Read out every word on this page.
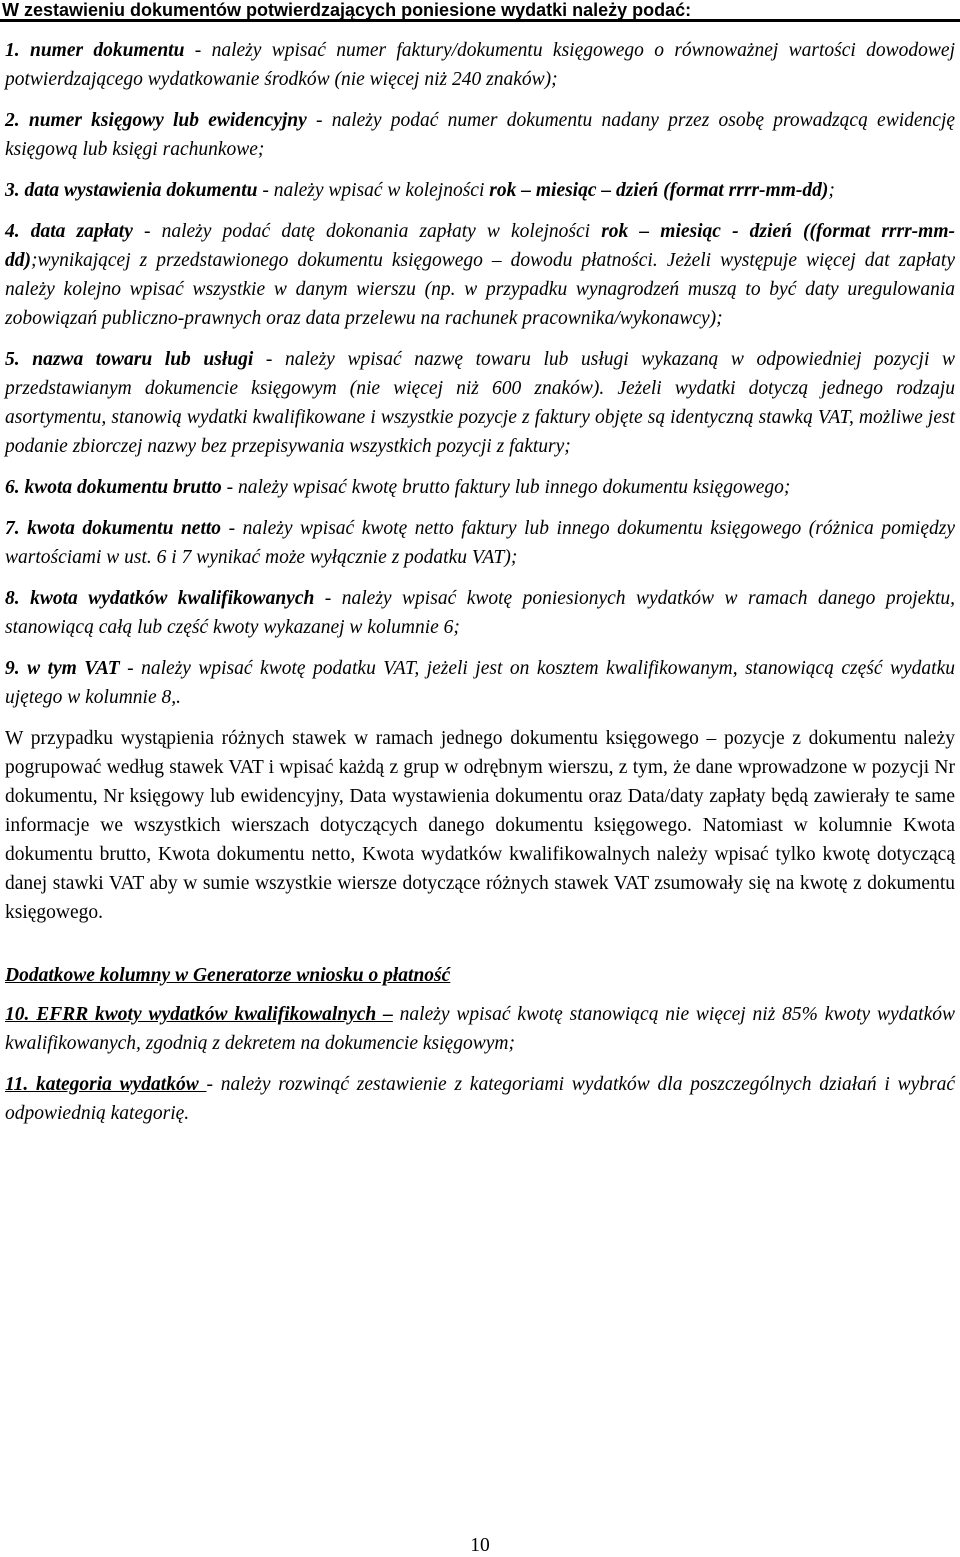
W zestawieniu dokumentów potwierdzających poniesione wydatki należy podać:

1. numer dokumentu - należy wpisać numer faktury/dokumentu księgowego o równoważnej wartości dowodowej potwierdzającego wydatkowanie środków (nie więcej niż 240 znaków);

2. numer księgowy lub ewidencyjny - należy podać numer dokumentu nadany przez osobę prowadzącą ewidencję księgową lub księgi rachunkowe;

3. data wystawienia dokumentu - należy wpisać w kolejności rok – miesiąc – dzień (format rrrr-mm-dd);

4. data zapłaty - należy podać datę dokonania zapłaty w kolejności rok – miesiąc - dzień ((format rrrr-mm-dd);wynikającej z przedstawionego dokumentu księgowego – dowodu płatności. Jeżeli występuje więcej dat zapłaty należy kolejno wpisać wszystkie w danym wierszu (np. w przypadku wynagrodzeń muszą to być daty uregulowania zobowiązań publiczno-prawnych oraz data przelewu na rachunek pracownika/wykonawcy);

5. nazwa towaru lub usługi - należy wpisać nazwę towaru lub usługi wykazaną w odpowiedniej pozycji w przedstawianym dokumencie księgowym (nie więcej niż 600 znaków). Jeżeli wydatki dotyczą jednego rodzaju asortymentu, stanowią wydatki kwalifikowane i wszystkie pozycje z faktury objęte są identyczną stawką VAT, możliwe jest podanie zbiorczej nazwy bez przepisywania wszystkich pozycji z faktury;

6. kwota dokumentu brutto - należy wpisać kwotę brutto faktury lub innego dokumentu księgowego;

7. kwota dokumentu netto - należy wpisać kwotę netto faktury lub innego dokumentu księgowego (różnica pomiędzy wartościami w ust. 6 i 7 wynikać może wyłącznie z podatku VAT);

8. kwota wydatków kwalifikowanych - należy wpisać kwotę poniesionych wydatków w ramach danego projektu, stanowiącą całą lub część kwoty wykazanej w kolumnie 6;

9. w tym VAT - należy wpisać kwotę podatku VAT, jeżeli jest on kosztem kwalifikowanym, stanowiącą część wydatku ujętego w kolumnie 8,.

W przypadku wystąpienia różnych stawek w ramach jednego dokumentu księgowego – pozycje z dokumentu należy pogrupować według stawek VAT i wpisać każdą z grup w odrębnym wierszu, z tym, że dane wprowadzone w pozycji Nr dokumentu, Nr księgowy lub ewidencyjny, Data wystawienia dokumentu oraz Data/daty zapłaty będą zawierały te same informacje we wszystkich wierszach dotyczących danego dokumentu księgowego. Natomiast w kolumnie Kwota dokumentu brutto, Kwota dokumentu netto, Kwota wydatków kwalifikowalnych należy wpisać tylko kwotę dotyczącą danej stawki VAT aby w sumie wszystkie wiersze dotyczące różnych stawek VAT zsumowały się na kwotę z dokumentu księgowego.

Dodatkowe kolumny w Generatorze wniosku o płatność

10. EFRR kwoty wydatków kwalifikowalnych – należy wpisać kwotę stanowiącą nie więcej niż 85% kwoty wydatków kwalifikowanych, zgodnią z dekretem na dokumencie księgowym;

11. kategoria wydatków - należy rozwinąć zestawienie z kategoriami wydatków dla poszczególnych działań i wybrać odpowiednią kategorię.

10
